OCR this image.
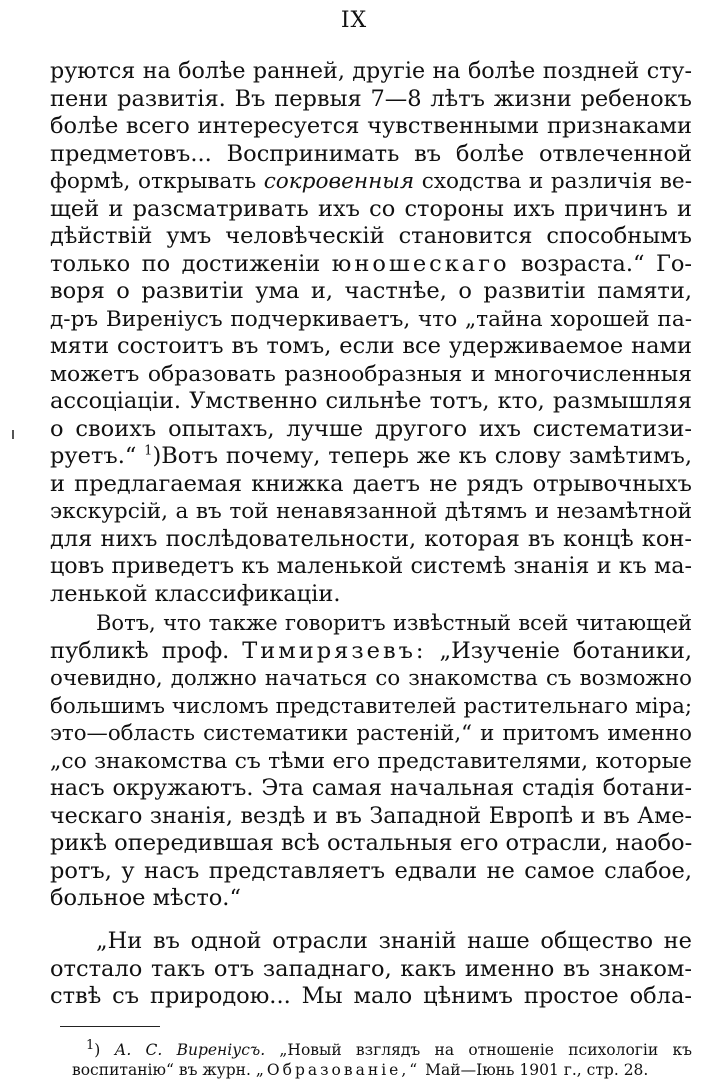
IX
руются на болѣе ранней, другіе на болѣе поздней сту-
пени развитія. Въ первыя 7—8 лѣтъ жизни ребенокъ
болѣе всего интересуется чувственными признаками
предметовъ... Воспринимать въ болѣе отвлеченной
формѣ, открывать сокровенныя сходства и различія ве-
щей и разсматривать ихъ со стороны ихъ причинъ и
дѣйствій умъ человѣческій становится способнымъ
только по достиженіи юношескаго возраста.“ Го-
воря о развитіи ума и, частнѣе, о развитіи памяти,
д-ръ Виреніусъ подчеркиваетъ, что „тайна хорошей па-
мяти состоитъ въ томъ, если все удерживаемое нами
можетъ образовать разнообразныя и многочисленныя
ассоціаціи. Умственно сильнѣе тотъ, кто, размышляя
о своихъ опытахъ, лучше другого ихъ систематизи-
руетъ.“ $^1$)Вотъ почему, теперь же къ слову замѣтимъ,
и предлагаемая книжка даетъ не рядъ отрывочныхъ
экскурсій, а въ той ненавязанной дѣтямъ и незамѣтной
для нихъ послѣдовательности, которая въ концѣ кон-
цовъ приведетъ къ маленькой системѣ знанія и къ ма-
ленькой классификаціи.
Вотъ, что также говоритъ извѣстный всей читающей
публикѣ проф. Тимирязевъ: „Изученіе ботаники,
очевидно, должно начаться со знакомства съ возможно
большимъ числомъ представителей растительнаго міра;
это—область систематики растеній,“ и притомъ именно
„со знакомства съ тѣми его представителями, которые
насъ окружаютъ. Эта самая начальная стадія ботани-
ческаго знанія, вездѣ и въ Западной Европѣ и въ Аме-
рикѣ опередившая всѣ остальныя его отрасли, наобо-
ротъ, у насъ представляетъ едвали не самое слабое,
больное мѣсто.“
„Ни въ одной отрасли знаній наше общество не
отстало такъ отъ западнаго, какъ именно въ знаком-
ствѣ съ природою... Мы мало цѣнимъ простое обла-
$^1$) А. С. Виреніусъ. „Новый взглядъ на отношеніе психологіи къ
воспитанію“ въ журн. „Образованіе,“ Май—Іюнь 1901 г., стр. 28.
